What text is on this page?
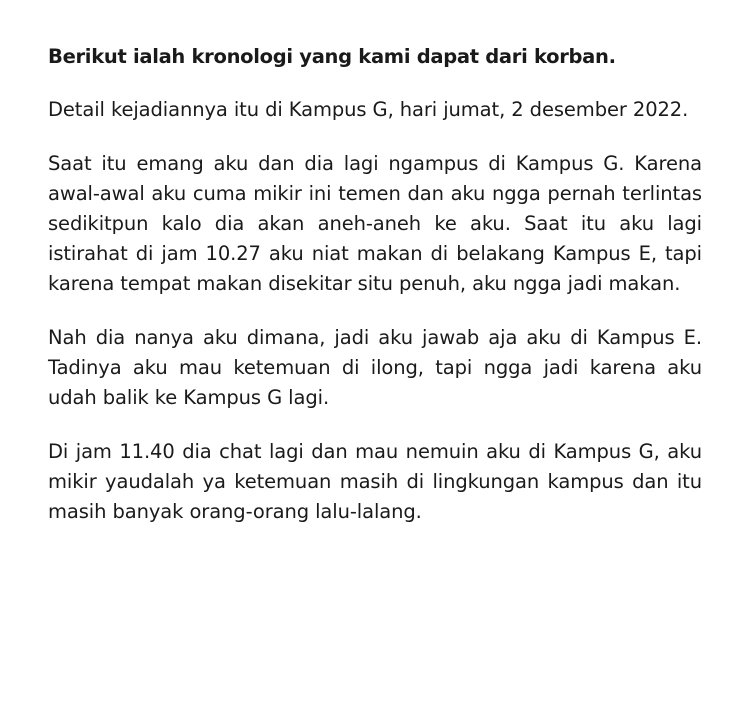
Berikut ialah kronologi yang kami dapat dari korban.

Detail kejadiannya itu di Kampus G, hari jumat, 2 desember 2022.

Saat itu emang aku dan dia lagi ngampus di Kampus G. Karena awal-awal aku cuma mikir ini temen dan aku ngga pernah terlintas sedikitpun kalo dia akan aneh-aneh ke aku. Saat itu aku lagi istirahat di jam 10.27 aku niat makan di belakang Kampus E, tapi karena tempat makan disekitar situ penuh, aku ngga jadi makan.

Nah dia nanya aku dimana, jadi aku jawab aja aku di Kampus E. Tadinya aku mau ketemuan di ilong, tapi ngga jadi karena aku udah balik ke Kampus G lagi.

Di jam 11.40 dia chat lagi dan mau nemuin aku di Kampus G, aku mikir yaudalah ya ketemuan masih di lingkungan kampus dan itu masih banyak orang-orang lalu-lalang.
